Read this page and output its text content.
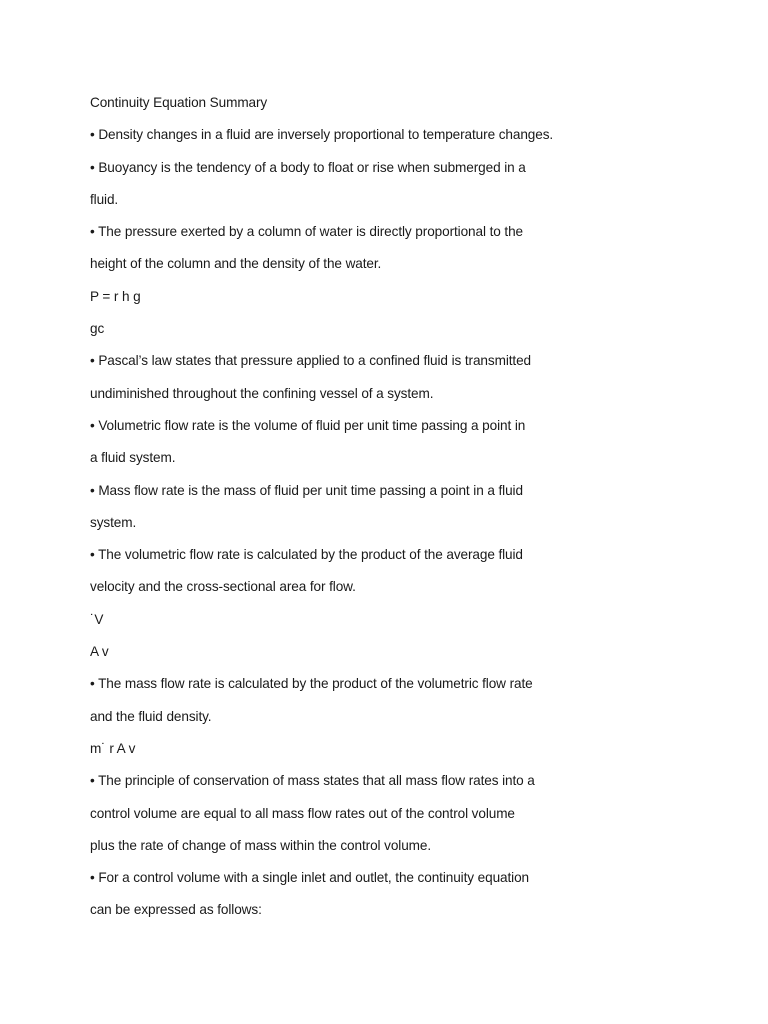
Continuity Equation Summary
• Density changes in a fluid are inversely proportional to temperature changes.
• Buoyancy is the tendency of a body to float or rise when submerged in a
fluid.
• The pressure exerted by a column of water is directly proportional to the
height of the column and the density of the water.
P = r h g
gc
• Pascal’s law states that pressure applied to a confined fluid is transmitted
undiminished throughout the confining vessel of a system.
• Volumetric flow rate is the volume of fluid per unit time passing a point in
a fluid system.
• Mass flow rate is the mass of fluid per unit time passing a point in a fluid
system.
• The volumetric flow rate is calculated by the product of the average fluid
velocity and the cross-sectional area for flow.
˙V
A v
• The mass flow rate is calculated by the product of the volumetric flow rate
and the fluid density.
m˙ r A v
• The principle of conservation of mass states that all mass flow rates into a
control volume are equal to all mass flow rates out of the control volume
plus the rate of change of mass within the control volume.
• For a control volume with a single inlet and outlet, the continuity equation
can be expressed as follows:
